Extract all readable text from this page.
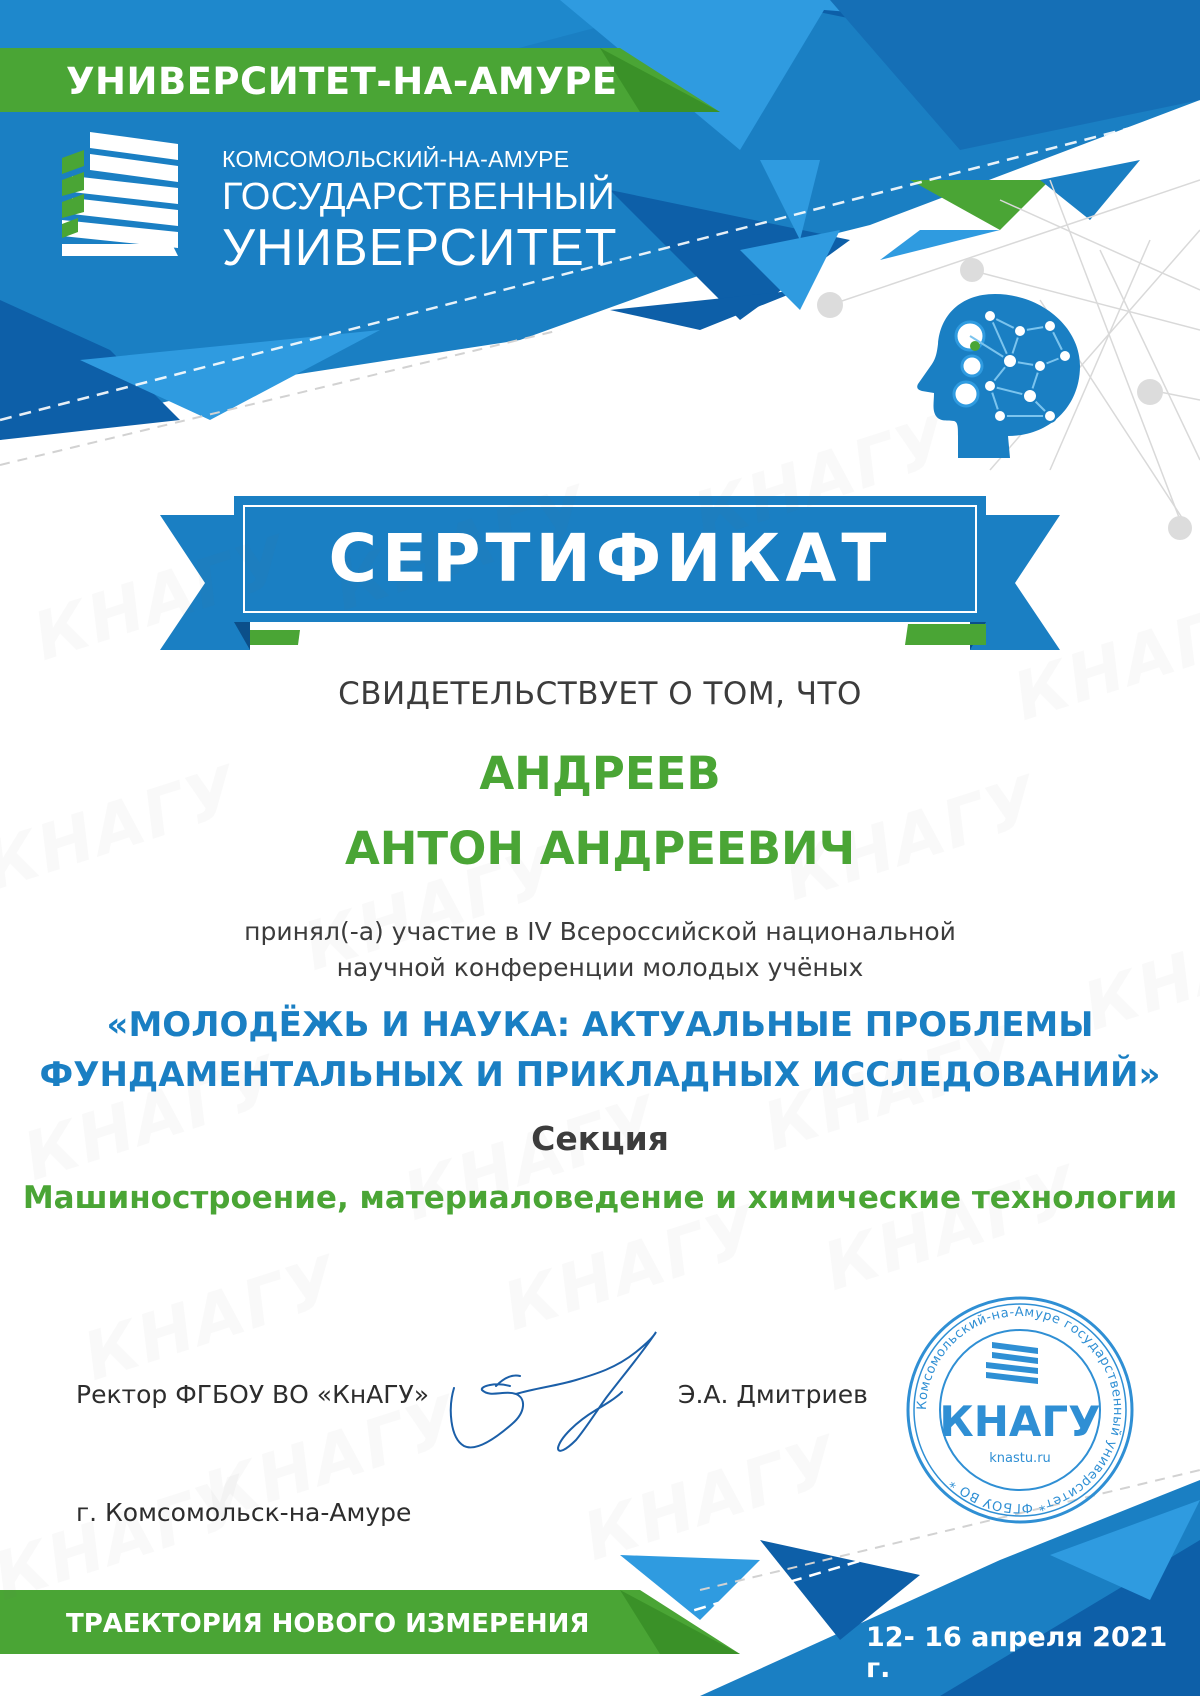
УНИВЕРСИТЕТ-НА-АМУРЕ
КОМСОМОЛЬСКИЙ-НА-АМУРЕ
ГОСУДАРСТВЕННЫЙ
УНИВЕРСИТЕТ
СЕРТИФИКАТ
СВИДЕТЕЛЬСТВУЕТ О ТОМ, ЧТО
АНДРЕЕВ
АНТОН АНДРЕЕВИЧ
принял(-а) участие в IV Всероссийской национальной
научной конференции молодых учёных
«МОЛОДЁЖЬ И НАУКА: АКТУАЛЬНЫЕ ПРОБЛЕМЫ
ФУНДАМЕНТАЛЬНЫХ И ПРИКЛАДНЫХ ИССЛЕДОВАНИЙ»
Секция
Машиностроение, материаловедение и химические технологии
Ректор ФГБОУ ВО «КнАГУ»	Э.А. Дмитриев
г. Комсомольск-на-Амуре
Комсомольский-на-Амуре государственный университет* ФГБОУ ВО *
КНАГУ
knastu.ru
ТРАЕКТОРИЯ НОВОГО ИЗМЕРЕНИЯ	12- 16 апреля 2021 г.
